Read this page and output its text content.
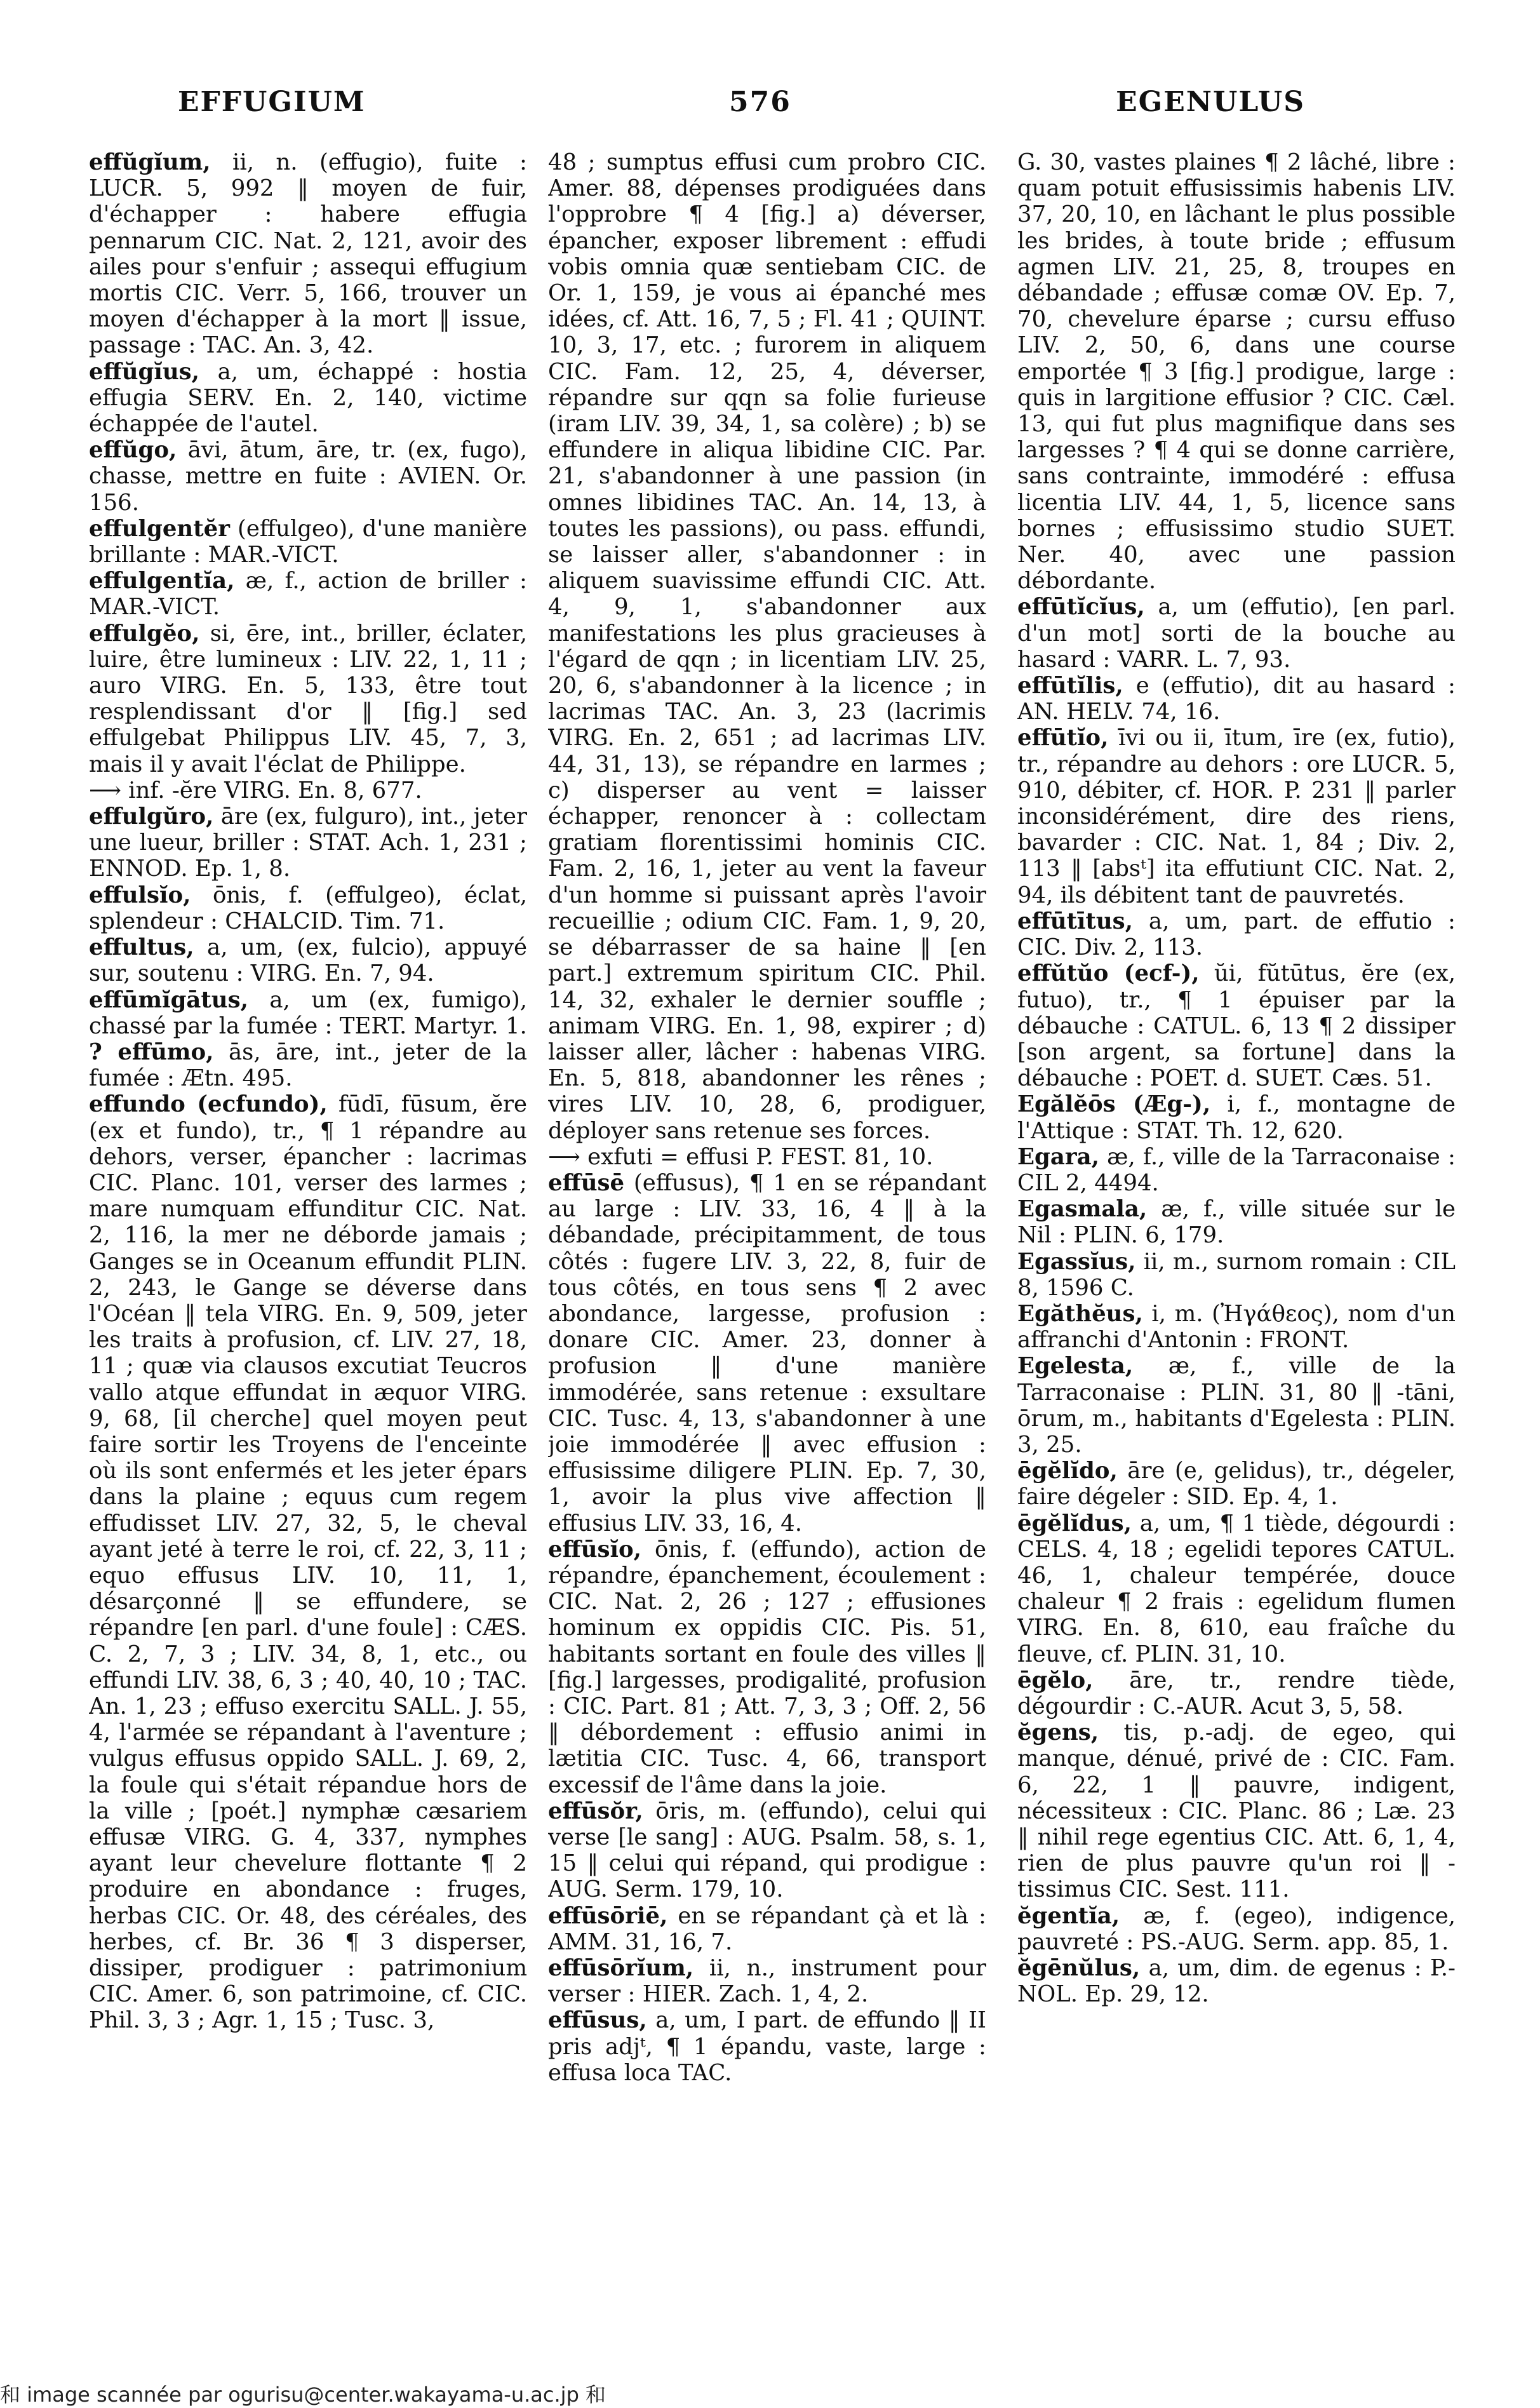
EFFUGIUM	576	EGENULUS

effŭgĭum, ii, n. (effugio), fuite : LUCR. 5, 992 ‖ moyen de fuir, d'échapper : habere effugia pennarum CIC. Nat. 2, 121, avoir des ailes pour s'enfuir ; assequi effugium mortis CIC. Verr. 5, 166, trouver un moyen d'échapper à la mort ‖ issue, passage : TAC. An. 3, 42.

effŭgĭus, a, um, échappé : hostia effugia SERV. En. 2, 140, victime échappée de l'autel.

effŭgo, āvi, ātum, āre, tr. (ex, fugo), chasse, mettre en fuite : AVIEN. Or. 156.

effulgentĕr (effulgeo), d'une manière brillante : MAR.-VICT.

effulgentĭa, æ, f., action de briller : MAR.-VICT.

effulgĕo, si, ēre, int., briller, éclater, luire, être lumineux : LIV. 22, 1, 11 ; auro VIRG. En. 5, 133, être tout resplendissant d'or ‖ [fig.] sed effulgebat Philippus LIV. 45, 7, 3, mais il y avait l'éclat de Philippe.

⟶ inf. -ĕre VIRG. En. 8, 677.

effulgŭro, āre (ex, fulguro), int., jeter une lueur, briller : STAT. Ach. 1, 231 ; ENNOD. Ep. 1, 8.

effulsĭo, ōnis, f. (effulgeo), éclat, splendeur : CHALCID. Tim. 71.

effultus, a, um, (ex, fulcio), appuyé sur, soutenu : VIRG. En. 7, 94.

effūmĭgātus, a, um (ex, fumigo), chassé par la fumée : TERT. Martyr. 1.

? effūmo, ās, āre, int., jeter de la fumée : Ætn. 495.

effundo (ecfundo), fūdī, fūsum, ĕre (ex et fundo), tr., ¶ 1 répandre au dehors, verser, épancher : lacrimas CIC. Planc. 101, verser des larmes ; mare numquam effunditur CIC. Nat. 2, 116, la mer ne déborde jamais ; Ganges se in Oceanum effundit PLIN. 2, 243, le Gange se déverse dans l'Océan ‖ tela VIRG. En. 9, 509, jeter les traits à profusion, cf. LIV. 27, 18, 11 ; quæ via clausos excutiat Teucros vallo atque effundat in æquor VIRG. 9, 68, [il cherche] quel moyen peut faire sortir les Troyens de l'enceinte où ils sont enfermés et les jeter épars dans la plaine ; equus cum regem effudisset LIV. 27, 32, 5, le cheval ayant jeté à terre le roi, cf. 22, 3, 11 ; equo effusus LIV. 10, 11, 1, désarçonné ‖ se effundere, se répandre [en parl. d'une foule] : CÆS. C. 2, 7, 3 ; LIV. 34, 8, 1, etc., ou effundi LIV. 38, 6, 3 ; 40, 40, 10 ; TAC. An. 1, 23 ; effuso exercitu SALL. J. 55, 4, l'armée se répandant à l'aventure ; vulgus effusus oppido SALL. J. 69, 2, la foule qui s'était répandue hors de la ville ; [poét.] nymphæ cæsariem effusæ VIRG. G. 4, 337, nymphes ayant leur chevelure flottante ¶ 2 produire en abondance : fruges, herbas CIC. Or. 48, des céréales, des herbes, cf. Br. 36 ¶ 3 disperser, dissiper, prodiguer : patrimonium CIC. Amer. 6, son patrimoine, cf. CIC. Phil. 3, 3 ; Agr. 1, 15 ; Tusc. 3,

48 ; sumptus effusi cum probro CIC. Amer. 88, dépenses prodiguées dans l'opprobre ¶ 4 [fig.] a) déverser, épancher, exposer librement : effudi vobis omnia quæ sentiebam CIC. de Or. 1, 159, je vous ai épanché mes idées, cf. Att. 16, 7, 5 ; Fl. 41 ; QUINT. 10, 3, 17, etc. ; furorem in aliquem CIC. Fam. 12, 25, 4, déverser, répandre sur qqn sa folie furieuse (iram LIV. 39, 34, 1, sa colère) ; b) se effundere in aliqua libidine CIC. Par. 21, s'abandonner à une passion (in omnes libidines TAC. An. 14, 13, à toutes les passions), ou pass. effundi, se laisser aller, s'abandonner : in aliquem suavissime effundi CIC. Att. 4, 9, 1, s'abandonner aux manifestations les plus gracieuses à l'égard de qqn ; in licentiam LIV. 25, 20, 6, s'abandonner à la licence ; in lacrimas TAC. An. 3, 23 (lacrimis VIRG. En. 2, 651 ; ad lacrimas LIV. 44, 31, 13), se répandre en larmes ; c) disperser au vent = laisser échapper, renoncer à : collectam gratiam florentissimi hominis CIC. Fam. 2, 16, 1, jeter au vent la faveur d'un homme si puissant après l'avoir recueillie ; odium CIC. Fam. 1, 9, 20, se débarrasser de sa haine ‖ [en part.] extremum spiritum CIC. Phil. 14, 32, exhaler le dernier souffle ; animam VIRG. En. 1, 98, expirer ; d) laisser aller, lâcher : habenas VIRG. En. 5, 818, abandonner les rênes ; vires LIV. 10, 28, 6, prodiguer, déployer sans retenue ses forces.

⟶ exfuti = effusi P. FEST. 81, 10.

effūsē (effusus), ¶ 1 en se répandant au large : LIV. 33, 16, 4 ‖ à la débandade, précipitamment, de tous côtés : fugere LIV. 3, 22, 8, fuir de tous côtés, en tous sens ¶ 2 avec abondance, largesse, profusion : donare CIC. Amer. 23, donner à profusion ‖ d'une manière immodérée, sans retenue : exsultare CIC. Tusc. 4, 13, s'abandonner à une joie immodérée ‖ avec effusion : effusissime diligere PLIN. Ep. 7, 30, 1, avoir la plus vive affection ‖ effusius LIV. 33, 16, 4.

effūsĭo, ōnis, f. (effundo), action de répandre, épanchement, écoulement : CIC. Nat. 2, 26 ; 127 ; effusiones hominum ex oppidis CIC. Pis. 51, habitants sortant en foule des villes ‖ [fig.] largesses, prodigalité, profusion : CIC. Part. 81 ; Att. 7, 3, 3 ; Off. 2, 56 ‖ débordement : effusio animi in lætitia CIC. Tusc. 4, 66, transport excessif de l'âme dans la joie.

effūsŏr, ōris, m. (effundo), celui qui verse [le sang] : AUG. Psalm. 58, s. 1, 15 ‖ celui qui répand, qui prodigue : AUG. Serm. 179, 10.

effūsōriē, en se répandant çà et là : AMM. 31, 16, 7.

effūsōrĭum, ii, n., instrument pour verser : HIER. Zach. 1, 4, 2.

effūsus, a, um, I part. de effundo ‖ II pris adjᵗ, ¶ 1 épandu, vaste, large : effusa loca TAC.

G. 30, vastes plaines ¶ 2 lâché, libre : quam potuit effusissimis habenis LIV. 37, 20, 10, en lâchant le plus possible les brides, à toute bride ; effusum agmen LIV. 21, 25, 8, troupes en débandade ; effusæ comæ OV. Ep. 7, 70, chevelure éparse ; cursu effuso LIV. 2, 50, 6, dans une course emportée ¶ 3 [fig.] prodigue, large : quis in largitione effusior ? CIC. Cæl. 13, qui fut plus magnifique dans ses largesses ? ¶ 4 qui se donne carrière, sans contrainte, immodéré : effusa licentia LIV. 44, 1, 5, licence sans bornes ; effusissimo studio SUET. Ner. 40, avec une passion débordante.

effūtĭcĭus, a, um (effutio), [en parl. d'un mot] sorti de la bouche au hasard : VARR. L. 7, 93.

effūtĭlis, e (effutio), dit au hasard : AN. HELV. 74, 16.

effūtĭo, īvi ou ii, ītum, īre (ex, futio), tr., répandre au dehors : ore LUCR. 5, 910, débiter, cf. HOR. P. 231 ‖ parler inconsidérément, dire des riens, bavarder : CIC. Nat. 1, 84 ; Div. 2, 113 ‖ [absᵗ] ita effutiunt CIC. Nat. 2, 94, ils débitent tant de pauvretés.

effūtītus, a, um, part. de effutio : CIC. Div. 2, 113.

effŭtŭo (ecf-), ŭi, fŭtūtus, ĕre (ex, futuo), tr., ¶ 1 épuiser par la débauche : CATUL. 6, 13 ¶ 2 dissiper [son argent, sa fortune] dans la débauche : POET. d. SUET. Cæs. 51.

Egălĕōs (Æg-), i, f., montagne de l'Attique : STAT. Th. 12, 620.

Egara, æ, f., ville de la Tarraconaise : CIL 2, 4494.

Egasmala, æ, f., ville située sur le Nil : PLIN. 6, 179.

Egassĭus, ii, m., surnom romain : CIL 8, 1596 C.

Egăthĕus, i, m. (Ἠγάθεος), nom d'un affranchi d'Antonin : FRONT.

Egelesta, æ, f., ville de la Tarraconaise : PLIN. 31, 80 ‖ -tāni, ōrum, m., habitants d'Egelesta : PLIN. 3, 25.

ēgĕlĭdo, āre (e, gelidus), tr., dégeler, faire dégeler : SID. Ep. 4, 1.

ēgĕlĭdus, a, um, ¶ 1 tiède, dégourdi : CELS. 4, 18 ; egelidi tepores CATUL. 46, 1, chaleur tempérée, douce chaleur ¶ 2 frais : egelidum flumen VIRG. En. 8, 610, eau fraîche du fleuve, cf. PLIN. 31, 10.

ēgĕlo, āre, tr., rendre tiède, dégourdir : C.-AUR. Acut 3, 5, 58.

ĕgens, tis, p.-adj. de egeo, qui manque, dénué, privé de : CIC. Fam. 6, 22, 1 ‖ pauvre, indigent, nécessiteux : CIC. Planc. 86 ; Læ. 23 ‖ nihil rege egentius CIC. Att. 6, 1, 4, rien de plus pauvre qu'un roi ‖ -tissimus CIC. Sest. 111.

ĕgentĭa, æ, f. (egeo), indigence, pauvreté : PS.-AUG. Serm. app. 85, 1.

ĕgēnŭlus, a, um, dim. de egenus : P.-NOL. Ep. 29, 12.

和 image scannée par ogurisu@center.wakayama-u.ac.jp 和
